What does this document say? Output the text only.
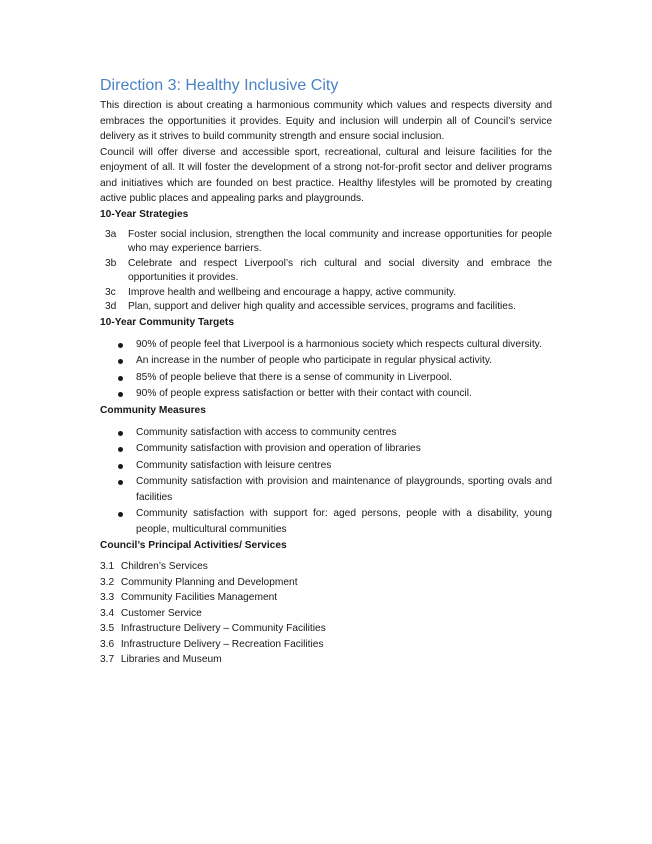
Direction 3: Healthy Inclusive City

This direction is about creating a harmonious community which values and respects diversity and embraces the opportunities it provides. Equity and inclusion will underpin all of Council’s service delivery as it strives to build community strength and ensure social inclusion.

Council will offer diverse and accessible sport, recreational, cultural and leisure facilities for the enjoyment of all. It will foster the development of a strong not-for-profit sector and deliver programs and initiatives which are founded on best practice. Healthy lifestyles will be promoted by creating active public places and appealing parks and playgrounds.

10-Year Strategies
3a Foster social inclusion, strengthen the local community and increase opportunities for people who may experience barriers.
3b Celebrate and respect Liverpool’s rich cultural and social diversity and embrace the opportunities it provides.
3c Improve health and wellbeing and encourage a happy, active community.
3d Plan, support and deliver high quality and accessible services, programs and facilities.
10-Year Community Targets
90% of people feel that Liverpool is a harmonious society which respects cultural diversity.
An increase in the number of people who participate in regular physical activity.
85% of people believe that there is a sense of community in Liverpool.
90% of people express satisfaction or better with their contact with council.
Community Measures
Community satisfaction with access to community centres
Community satisfaction with provision and operation of libraries
Community satisfaction with leisure centres
Community satisfaction with provision and maintenance of playgrounds, sporting ovals and facilities
Community satisfaction with support for: aged persons, people with a disability, young people, multicultural communities
Council’s Principal Activities/ Services
3.1 Children’s Services
3.2 Community Planning and Development
3.3 Community Facilities Management
3.4 Customer Service
3.5 Infrastructure Delivery – Community Facilities
3.6 Infrastructure Delivery – Recreation Facilities
3.7 Libraries and Museum
